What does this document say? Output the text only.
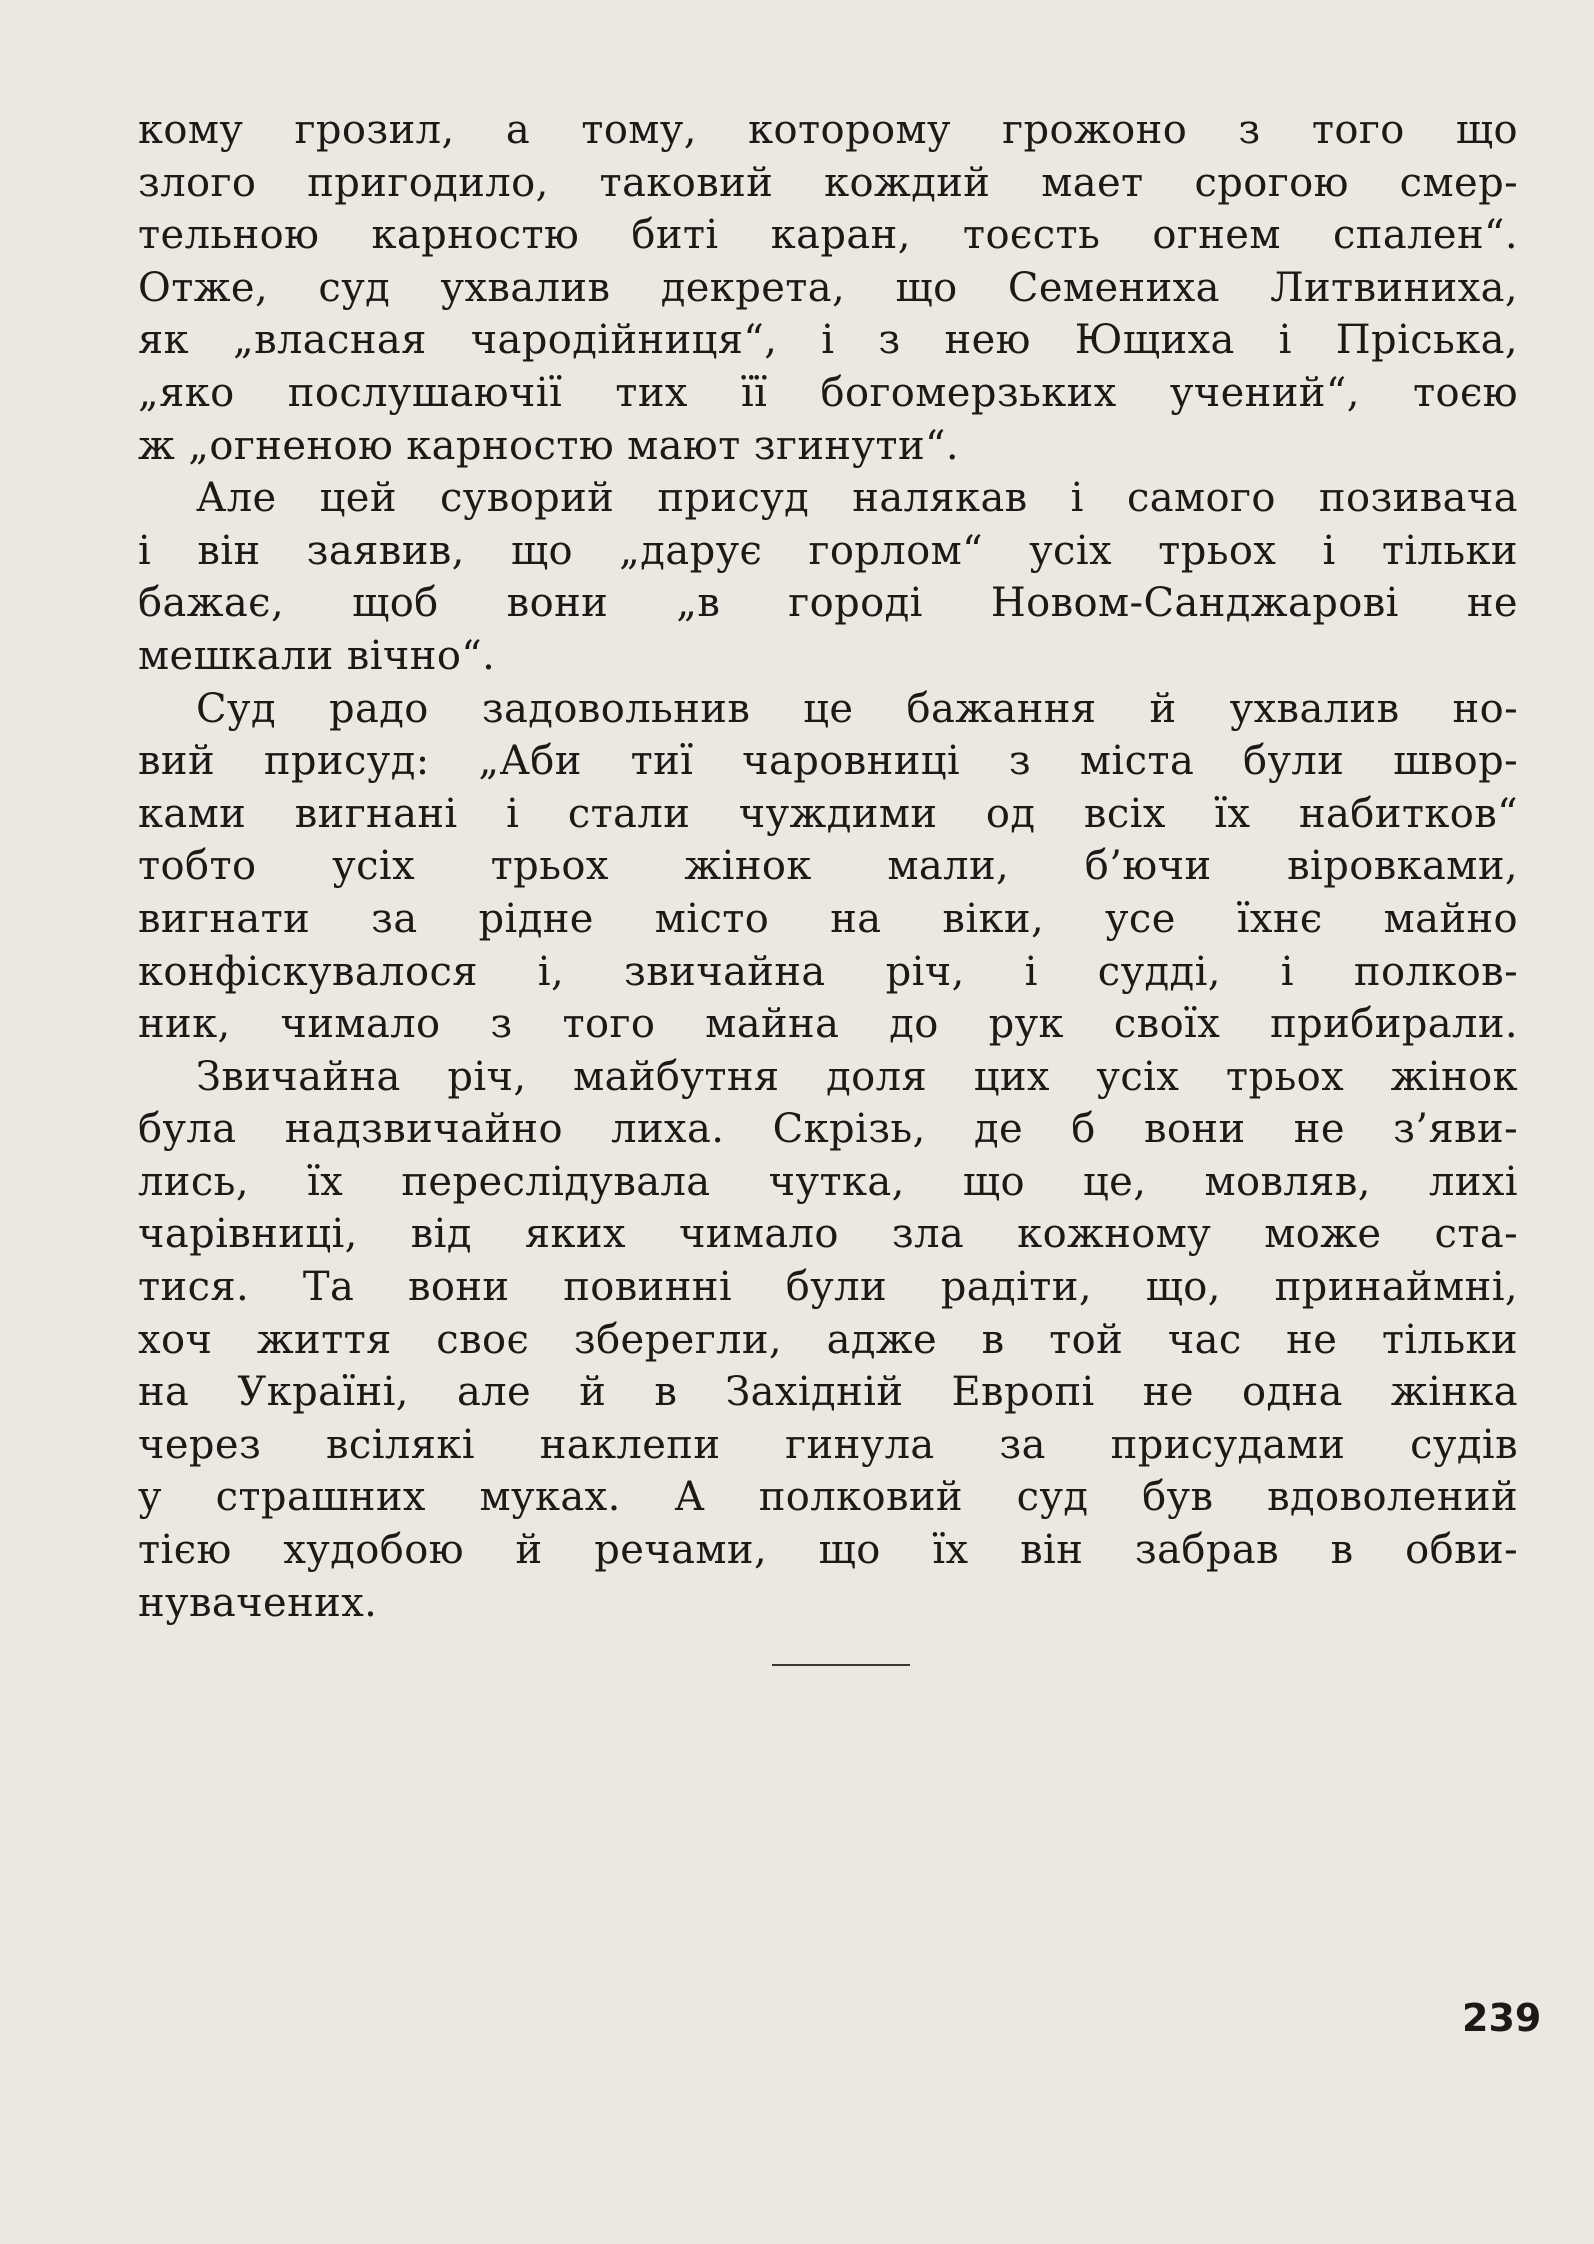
кому грозил, а тому, которому грожоно з того що
злого пригодило, таковий кождий мает срогою смер-
тельною карностю биті каран, тоєсть огнем спален“.
Отже, суд ухвалив декрета, що Семениха Литвиниха,
як „власная чародійниця“, і з нею Ющиха і Пріська,
„яко послушаючії тих її богомерзьких учений“, тоєю
ж „огненою карностю мают згинути“.
Але цей суворий присуд налякав і самого позивача
і він заявив, що „дарує горлом“ усіх трьох і тільки
бажає, щоб вони „в городі Новом-Санджарові не
мешкали вічно“.
Суд радо задовольнив це бажання й ухвалив но-
вий присуд: „Аби тиї чаровниці з міста були швор-
ками вигнані і стали чуждими од всіх їх набитков“
тобто усіх трьох жінок мали, б’ючи віровками,
вигнати за рідне місто на віки, усе їхнє майно
конфіскувалося і, звичайна річ, і судді, і полков-
ник, чимало з того майна до рук своїх прибирали.
Звичайна річ, майбутня доля цих усіх трьох жінок
була надзвичайно лиха. Скрізь, де б вони не з’яви-
лись, їх переслідувала чутка, що це, мовляв, лихі
чарівниці, від яких чимало зла кожному може ста-
тися. Та вони повинні були радіти, що, принаймні,
хоч життя своє зберегли, адже в той час не тільки
на Україні, але й в Західній Европі не одна жінка
через всілякі наклепи гинула за присудами судів
у страшних муках. А полковий суд був вдоволений
тією худобою й речами, що їх він забрав в обви-
нувачених.
239
